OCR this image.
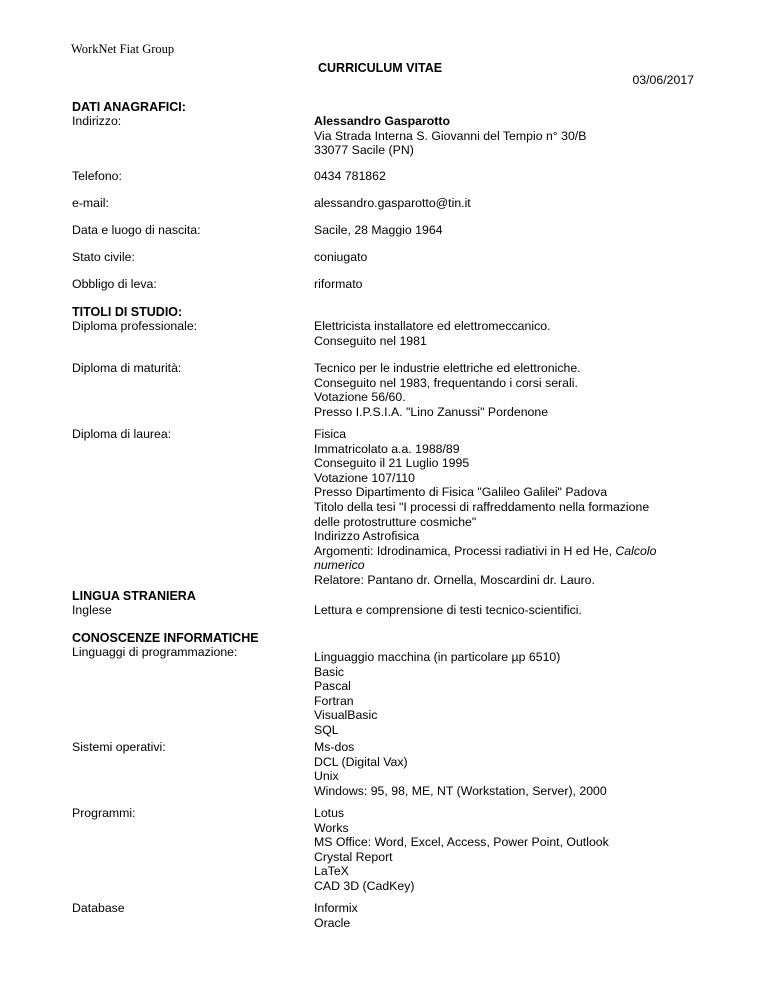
WorkNet Fiat Group
CURRICULUM VITAE
03/06/2017
DATI ANAGRAFICI:
Indirizzo:	Alessandro Gasparotto
Via Strada Interna S. Giovanni del Tempio n° 30/B
33077 Sacile (PN)
Telefono:	0434 781862
e-mail:	alessandro.gasparotto@tin.it
Data e luogo di nascita:	Sacile, 28 Maggio 1964
Stato civile:	coniugato
Obbligo di leva:	riformato
TITOLI DI STUDIO:
Diploma professionale:	Elettricista installatore ed elettromeccanico.
Conseguito nel 1981
Diploma di maturità:	Tecnico per le industrie elettriche ed elettroniche.
Conseguito nel 1983, frequentando i corsi serali.
Votazione 56/60.
Presso I.P.S.I.A. "Lino Zanussi" Pordenone
Diploma di laurea:	Fisica
Immatricolato a.a. 1988/89
Conseguito il 21 Luglio 1995
Votazione 107/110
Presso Dipartimento di Fisica "Galileo Galilei" Padova
Titolo della tesi "I processi di raffreddamento nella formazione
delle protostrutture cosmiche"
Indirizzo Astrofisica
Argomenti: Idrodinamica, Processi radiativi in H ed He, Calcolo
numerico
Relatore: Pantano dr. Ornella, Moscardini dr. Lauro.
LINGUA STRANIERA
Inglese	Lettura e comprensione di testi tecnico-scientifici.
CONOSCENZE INFORMATICHE
Linguaggi di programmazione:	Linguaggio macchina (in particolare µp 6510)
Basic
Pascal
Fortran
VisualBasic
SQL
Sistemi operativi:	Ms-dos
DCL (Digital Vax)
Unix
Windows: 95, 98, ME, NT (Workstation, Server), 2000
Programmi:	Lotus
Works
MS Office: Word, Excel, Access, Power Point, Outlook
Crystal Report
LaTeX
CAD 3D (CadKey)
Database	Informix
Oracle
